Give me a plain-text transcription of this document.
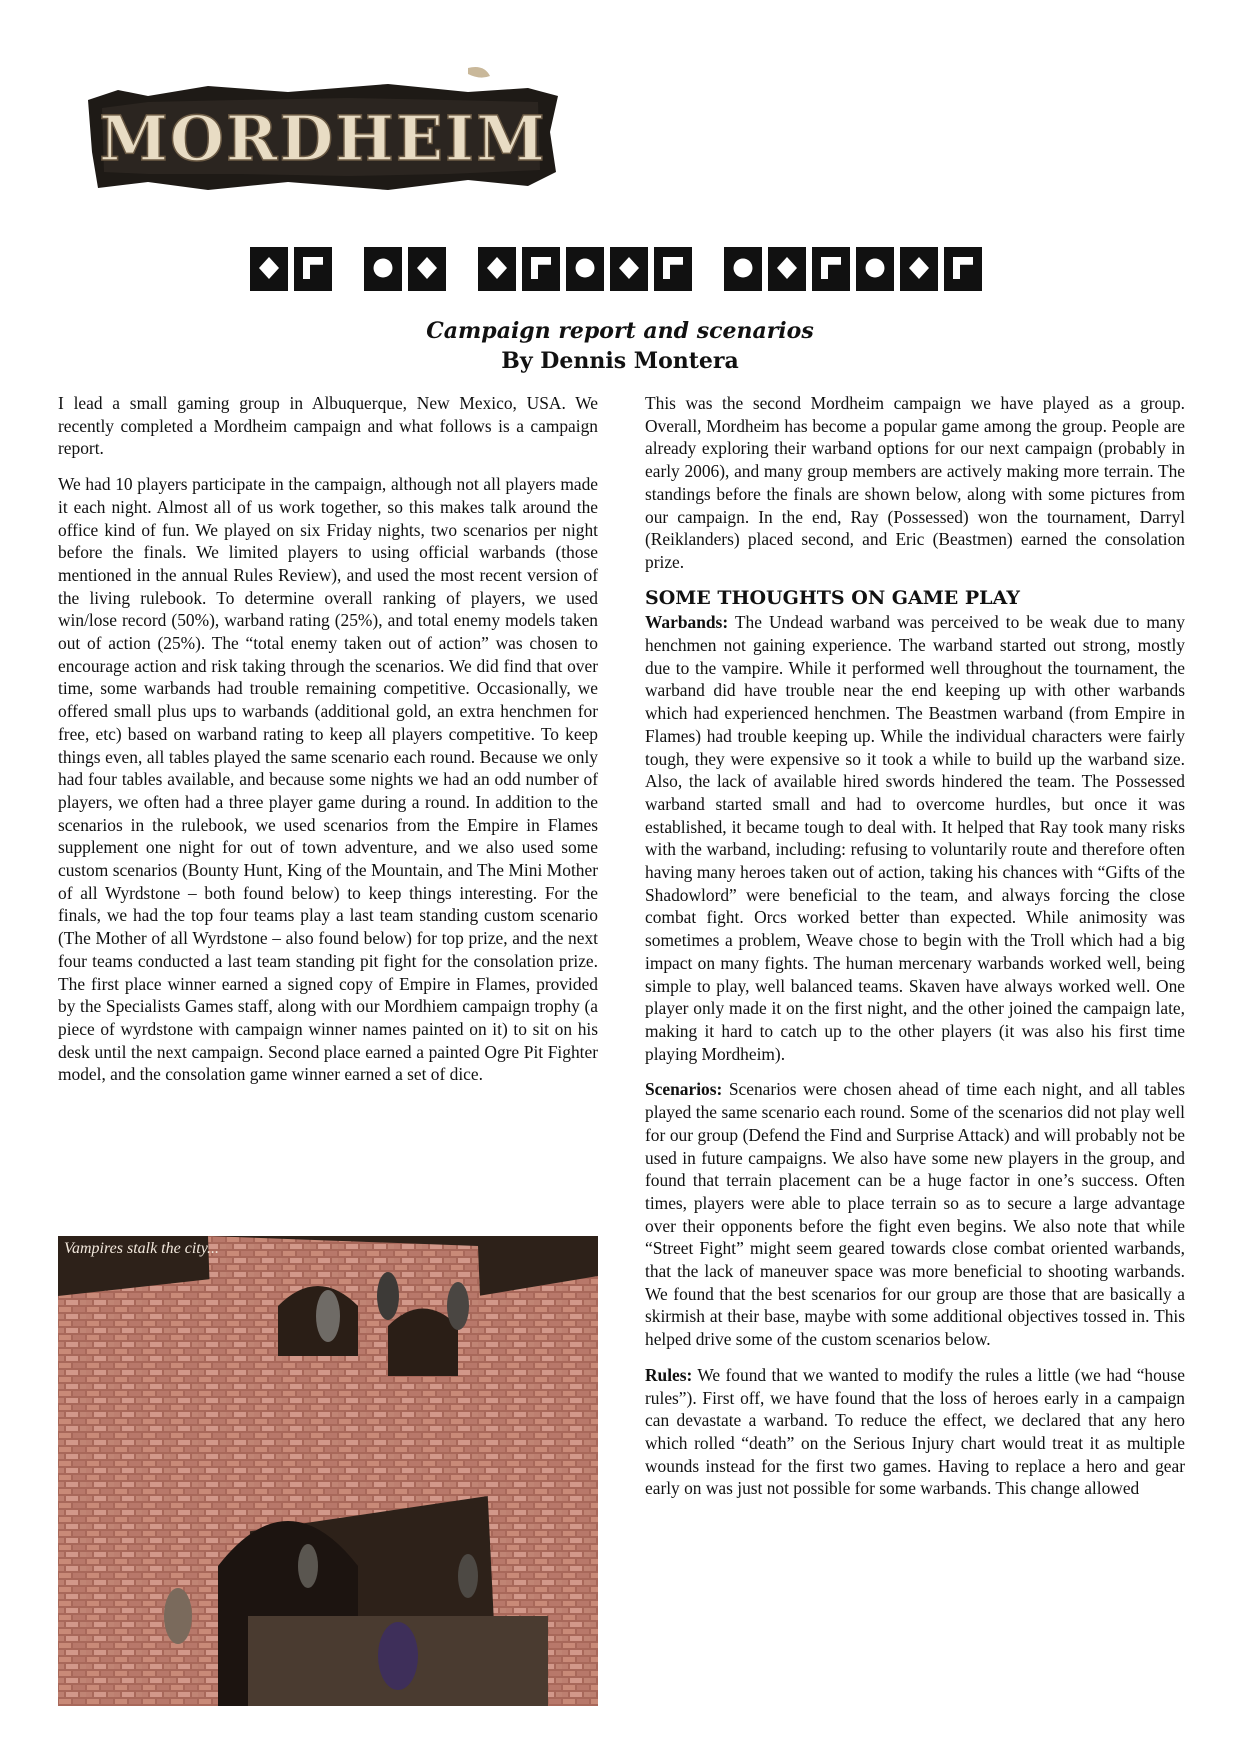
MORDHEIM
Campaign report and scenarios
By Dennis Montera

I lead a small gaming group in Albuquerque, New Mexico, USA. We recently completed a Mordheim campaign and what follows is a campaign report.

We had 10 players participate in the campaign, although not all players made it each night. Almost all of us work together, so this makes talk around the office kind of fun. We played on six Friday nights, two scenarios per night before the finals. We limited players to using official warbands (those mentioned in the annual Rules Review), and used the most recent version of the living rulebook. To determine overall ranking of players, we used win/lose record (50%), warband rating (25%), and total enemy models taken out of action (25%). The “total enemy taken out of action” was chosen to encourage action and risk taking through the scenarios. We did find that over time, some warbands had trouble remaining competitive. Occasionally, we offered small plus ups to warbands (additional gold, an extra henchmen for free, etc) based on warband rating to keep all players competitive. To keep things even, all tables played the same scenario each round. Because we only had four tables available, and because some nights we had an odd number of players, we often had a three player game during a round. In addition to the scenarios in the rulebook, we used scenarios from the Empire in Flames supplement one night for out of town adventure, and we also used some custom scenarios (Bounty Hunt, King of the Mountain, and The Mini Mother of all Wyrdstone – both found below) to keep things interesting. For the finals, we had the top four teams play a last team standing custom scenario (The Mother of all Wyrdstone – also found below) for top prize, and the next four teams conducted a last team standing pit fight for the consolation prize. The first place winner earned a signed copy of Empire in Flames, provided by the Specialists Games staff, along with our Mordhiem campaign trophy (a piece of wyrdstone with campaign winner names painted on it) to sit on his desk until the next campaign. Second place earned a painted Ogre Pit Fighter model, and the consolation game winner earned a set of dice.

Vampires stalk the city...

This was the second Mordheim campaign we have played as a group. Overall, Mordheim has become a popular game among the group. People are already exploring their warband options for our next campaign (probably in early 2006), and many group members are actively making more terrain. The standings before the finals are shown below, along with some pictures from our campaign. In the end, Ray (Possessed) won the tournament, Darryl (Reiklanders) placed second, and Eric (Beastmen) earned the consolation prize.

SOME THOUGHTS ON GAME PLAY

Warbands: The Undead warband was perceived to be weak due to many henchmen not gaining experience. The warband started out strong, mostly due to the vampire. While it performed well throughout the tournament, the warband did have trouble near the end keeping up with other warbands which had experienced henchmen. The Beastmen warband (from Empire in Flames) had trouble keeping up. While the individual characters were fairly tough, they were expensive so it took a while to build up the warband size. Also, the lack of available hired swords hindered the team. The Possessed warband started small and had to overcome hurdles, but once it was established, it became tough to deal with. It helped that Ray took many risks with the warband, including: refusing to voluntarily route and therefore often having many heroes taken out of action, taking his chances with “Gifts of the Shadowlord” were beneficial to the team, and always forcing the close combat fight. Orcs worked better than expected. While animosity was sometimes a problem, Weave chose to begin with the Troll which had a big impact on many fights. The human mercenary warbands worked well, being simple to play, well balanced teams. Skaven have always worked well. One player only made it on the first night, and the other joined the campaign late, making it hard to catch up to the other players (it was also his first time playing Mordheim).

Scenarios: Scenarios were chosen ahead of time each night, and all tables played the same scenario each round. Some of the scenarios did not play well for our group (Defend the Find and Surprise Attack) and will probably not be used in future campaigns. We also have some new players in the group, and found that terrain placement can be a huge factor in one’s success. Often times, players were able to place terrain so as to secure a large advantage over their opponents before the fight even begins. We also note that while “Street Fight” might seem geared towards close combat oriented warbands, that the lack of maneuver space was more beneficial to shooting warbands. We found that the best scenarios for our group are those that are basically a skirmish at their base, maybe with some additional objectives tossed in. This helped drive some of the custom scenarios below.

Rules: We found that we wanted to modify the rules a little (we had “house rules”). First off, we have found that the loss of heroes early in a campaign can devastate a warband. To reduce the effect, we declared that any hero which rolled “death” on the Serious Injury chart would treat it as multiple wounds instead for the first two games. Having to replace a hero and gear early on was just not possible for some warbands. This change allowed
